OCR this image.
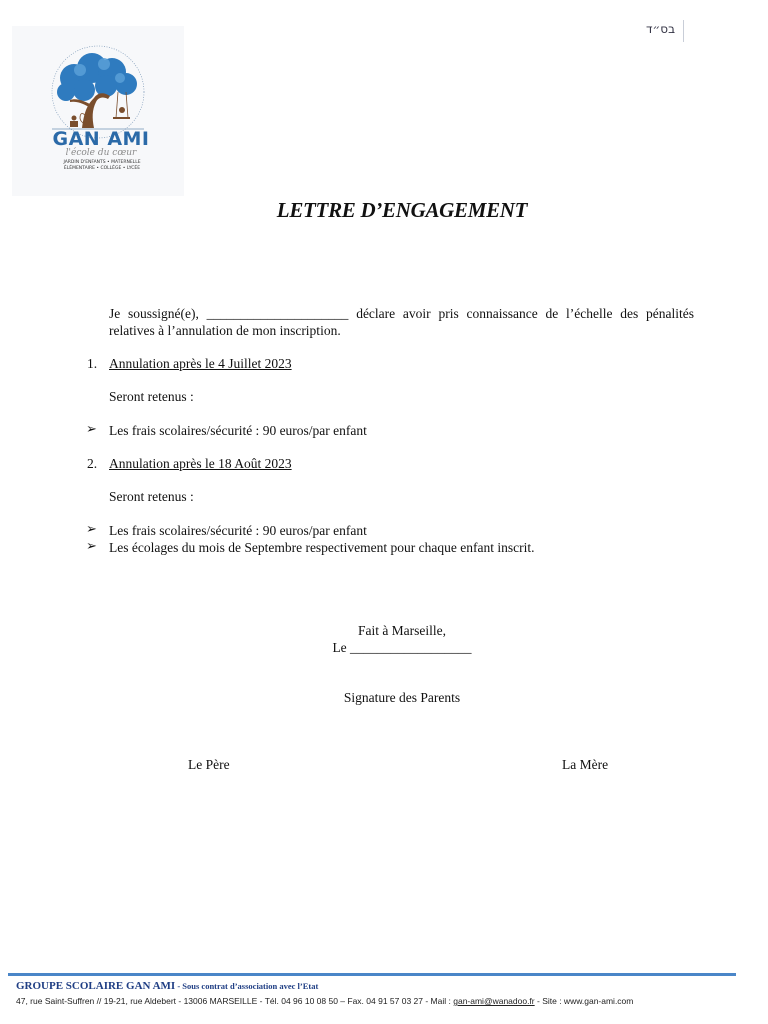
בס״ד
GAN AMI
l'école du cœur
JARDIN D'ENFANTS • MATERNELLE ÉLÉMENTAIRE • COLLÈGE • LYCÉE
LETTRE D’ENGAGEMENT
Je soussigné(e), _____________________ déclare avoir pris connaissance de l’échelle des pénalités relatives à l’annulation de mon inscription.
1. Annulation après le 4 Juillet 2023
Seront retenus :
➢ Les frais scolaires/sécurité : 90 euros/par enfant
2. Annulation après le 18 Août 2023
Seront retenus :
➢ Les frais scolaires/sécurité : 90 euros/par enfant
➢ Les écolages du mois de Septembre respectivement pour chaque enfant inscrit.
Fait à Marseille,
Le __________________
Signature des Parents
Le Père	La Mère
GROUPE SCOLAIRE GAN AMI - Sous contrat d’association avec l’Etat
47, rue Saint-Suffren // 19-21, rue Aldebert - 13006 MARSEILLE - Tél. 04 96 10 08 50 – Fax. 04 91 57 03 27 - Mail : gan-ami@wanadoo.fr - Site : www.gan-ami.com
